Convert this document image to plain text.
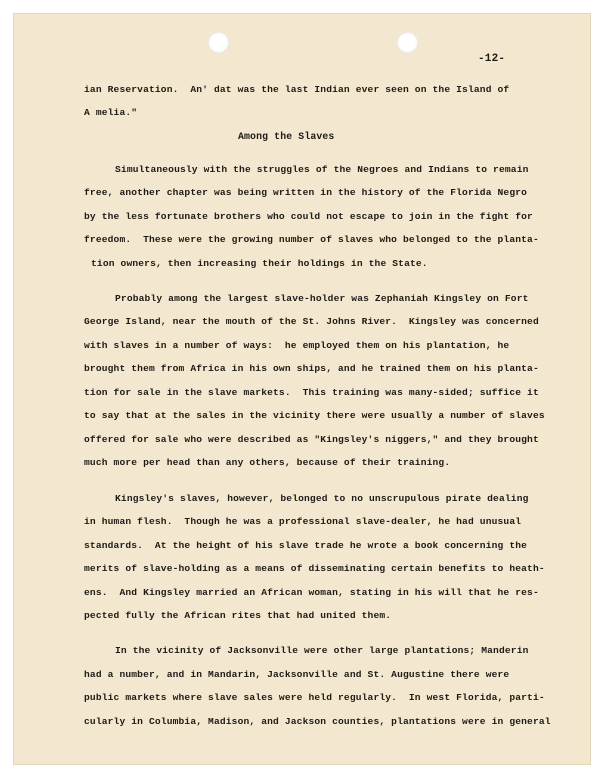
-12-
ian Reservation.  An' dat was the last Indian ever seen on the Island of
A melia."
Among the Slaves
Simultaneously with the struggles of the Negroes and Indians to remain
free, another chapter was being written in the history of the Florida Negro
by the less fortunate brothers who could not escape to join in the fight for
freedom.  These were the growing number of slaves who belonged to the planta-
tion owners, then increasing their holdings in the State.
Probably among the largest slave-holder was Zephaniah Kingsley on Fort
George Island, near the mouth of the St. Johns River.  Kingsley was concerned
with slaves in a number of ways:  he employed them on his plantation, he
brought them from Africa in his own ships, and he trained them on his planta-
tion for sale in the slave markets.  This training was many-sided; suffice it
to say that at the sales in the vicinity there were usually a number of slaves
offered for sale who were described as "Kingsley's niggers," and they brought
much more per head than any others, because of their training.
Kingsley's slaves, however, belonged to no unscrupulous pirate dealing
in human flesh.  Though he was a professional slave-dealer, he had unusual
standards.  At the height of his slave trade he wrote a book concerning the
merits of slave-holding as a means of disseminating certain benefits to heath-
ens.  And Kingsley married an African woman, stating in his will that he res-
pected fully the African rites that had united them.
In the vicinity of Jacksonville were other large plantations; Manderin
had a number, and in Mandarin, Jacksonville and St. Augustine there were
public markets where slave sales were held regularly.  In west Florida, parti-
cularly in Columbia, Madison, and Jackson counties, plantations were in general
